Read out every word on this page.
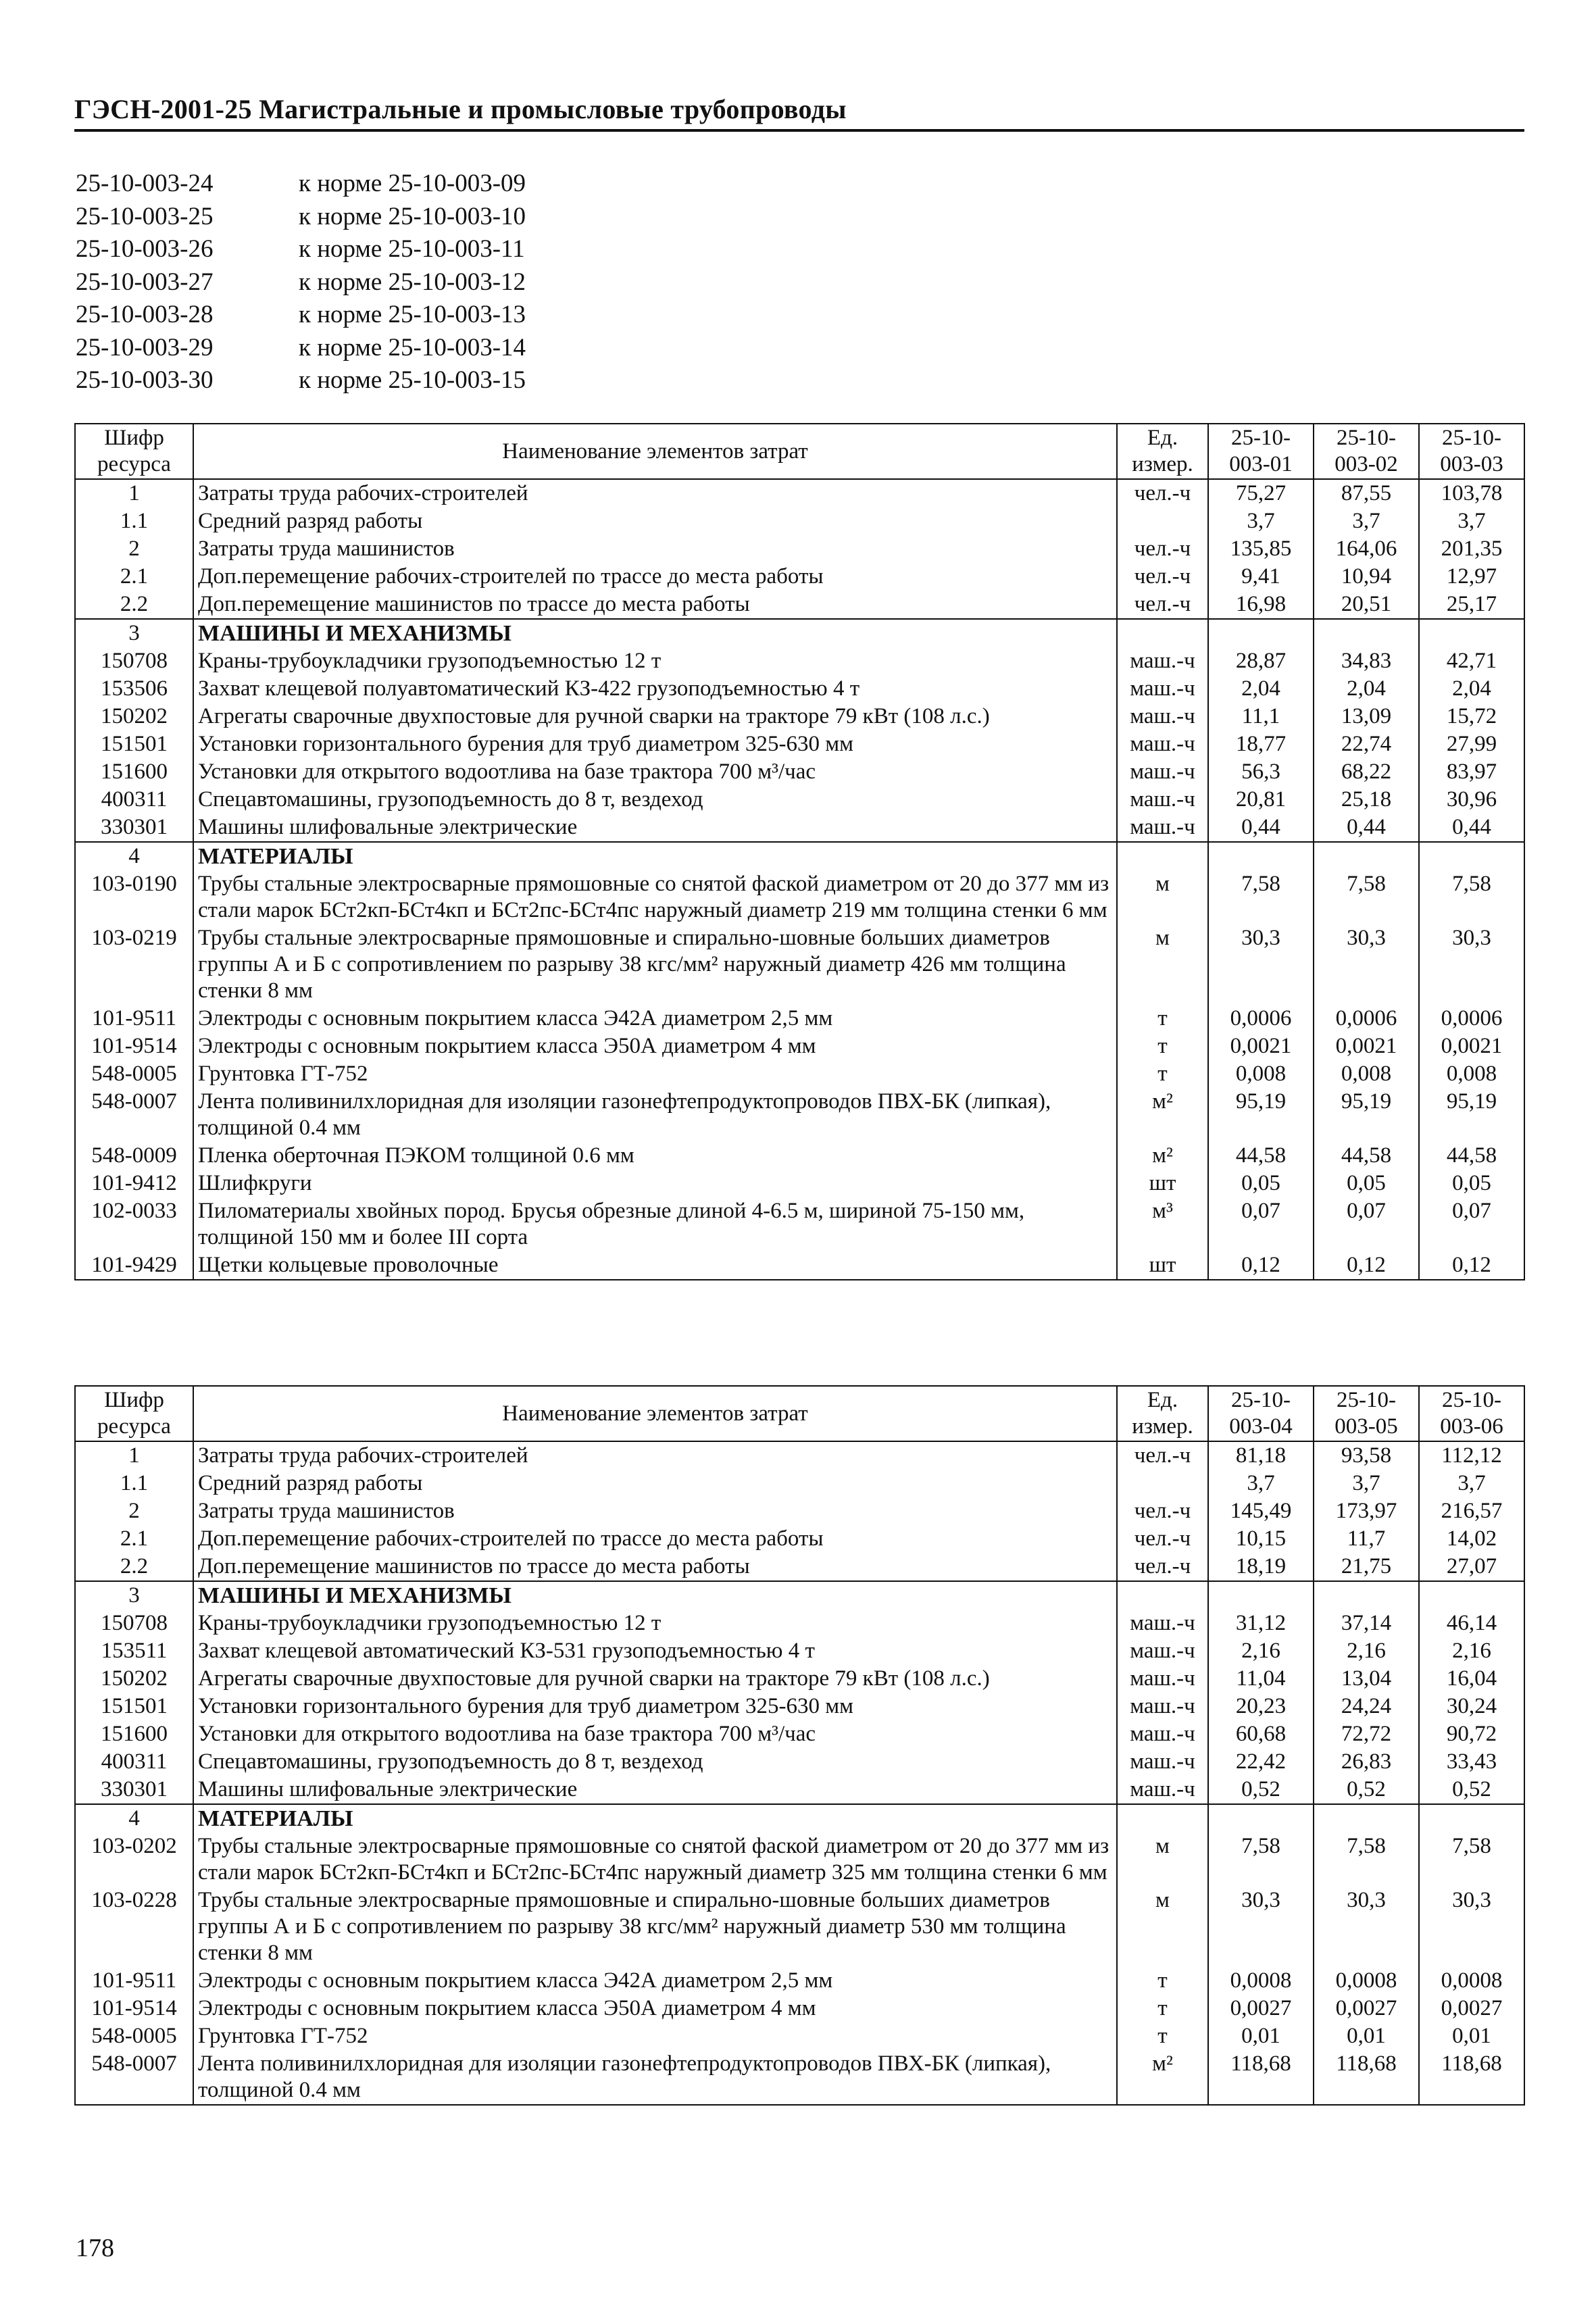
ГЭСН-2001-25 Магистральные и промысловые трубопроводы
25-10-003-24	к норме 25-10-003-09
25-10-003-25	к норме 25-10-003-10
25-10-003-26	к норме 25-10-003-11
25-10-003-27	к норме 25-10-003-12
25-10-003-28	к норме 25-10-003-13
25-10-003-29	к норме 25-10-003-14
25-10-003-30	к норме 25-10-003-15
Шифр ресурса	Наименование элементов затрат	Ед. измер.	25-10-003-01	25-10-003-02	25-10-003-03
1	Затраты труда рабочих-строителей	чел.-ч	75,27	87,55	103,78
1.1	Средний разряд работы		3,7	3,7	3,7
2	Затраты труда машинистов	чел.-ч	135,85	164,06	201,35
2.1	Доп.перемещение рабочих-строителей по трассе до места работы	чел.-ч	9,41	10,94	12,97
2.2	Доп.перемещение машинистов по трассе до места работы	чел.-ч	16,98	20,51	25,17
3	МАШИНЫ И МЕХАНИЗМЫ				
150708	Краны-трубоукладчики грузоподъемностью 12 т	маш.-ч	28,87	34,83	42,71
153506	Захват клещевой полуавтоматический КЗ-422 грузоподъемностью 4 т	маш.-ч	2,04	2,04	2,04
150202	Агрегаты сварочные двухпостовые для ручной сварки на тракторе 79 кВт (108 л.с.)	маш.-ч	11,1	13,09	15,72
151501	Установки горизонтального бурения для труб диаметром 325-630 мм	маш.-ч	18,77	22,74	27,99
151600	Установки для открытого водоотлива на базе трактора 700 м³/час	маш.-ч	56,3	68,22	83,97
400311	Спецавтомашины, грузоподъемность до 8 т, вездеход	маш.-ч	20,81	25,18	30,96
330301	Машины шлифовальные электрические	маш.-ч	0,44	0,44	0,44
4	МАТЕРИАЛЫ				
103-0190	Трубы стальные электросварные прямошовные со снятой фаской диаметром от 20 до 377 мм из стали марок БСт2кп-БСт4кп и БСт2пс-БСт4пс наружный диаметр 219 мм толщина стенки 6 мм	м	7,58	7,58	7,58
103-0219	Трубы стальные электросварные прямошовные и спирально-шовные больших диаметров группы А и Б с сопротивлением по разрыву 38 кгс/мм² наружный диаметр 426 мм толщина стенки 8 мм	м	30,3	30,3	30,3
101-9511	Электроды с основным покрытием класса Э42А диаметром 2,5 мм	т	0,0006	0,0006	0,0006
101-9514	Электроды с основным покрытием класса Э50А диаметром 4 мм	т	0,0021	0,0021	0,0021
548-0005	Грунтовка ГТ-752	т	0,008	0,008	0,008
548-0007	Лента поливинилхлоридная для изоляции газонефтепродуктопроводов ПВХ-БК (липкая), толщиной 0.4 мм	м²	95,19	95,19	95,19
548-0009	Пленка оберточная ПЭКОМ толщиной 0.6 мм	м²	44,58	44,58	44,58
101-9412	Шлифкруги	шт	0,05	0,05	0,05
102-0033	Пиломатериалы хвойных пород. Брусья обрезные длиной 4-6.5 м, шириной 75-150 мм, толщиной 150 мм и более III сорта	м³	0,07	0,07	0,07
101-9429	Щетки кольцевые проволочные	шт	0,12	0,12	0,12
Шифр ресурса	Наименование элементов затрат	Ед. измер.	25-10-003-04	25-10-003-05	25-10-003-06
1	Затраты труда рабочих-строителей	чел.-ч	81,18	93,58	112,12
1.1	Средний разряд работы		3,7	3,7	3,7
2	Затраты труда машинистов	чел.-ч	145,49	173,97	216,57
2.1	Доп.перемещение рабочих-строителей по трассе до места работы	чел.-ч	10,15	11,7	14,02
2.2	Доп.перемещение машинистов по трассе до места работы	чел.-ч	18,19	21,75	27,07
3	МАШИНЫ И МЕХАНИЗМЫ				
150708	Краны-трубоукладчики грузоподъемностью 12 т	маш.-ч	31,12	37,14	46,14
153511	Захват клещевой автоматический КЗ-531 грузоподъемностью 4 т	маш.-ч	2,16	2,16	2,16
150202	Агрегаты сварочные двухпостовые для ручной сварки на тракторе 79 кВт (108 л.с.)	маш.-ч	11,04	13,04	16,04
151501	Установки горизонтального бурения для труб диаметром 325-630 мм	маш.-ч	20,23	24,24	30,24
151600	Установки для открытого водоотлива на базе трактора 700 м³/час	маш.-ч	60,68	72,72	90,72
400311	Спецавтомашины, грузоподъемность до 8 т, вездеход	маш.-ч	22,42	26,83	33,43
330301	Машины шлифовальные электрические	маш.-ч	0,52	0,52	0,52
4	МАТЕРИАЛЫ				
103-0202	Трубы стальные электросварные прямошовные со снятой фаской диаметром от 20 до 377 мм из стали марок БСт2кп-БСт4кп и БСт2пс-БСт4пс наружный диаметр 325 мм толщина стенки 6 мм	м	7,58	7,58	7,58
103-0228	Трубы стальные электросварные прямошовные и спирально-шовные больших диаметров группы А и Б с сопротивлением по разрыву 38 кгс/мм² наружный диаметр 530 мм толщина стенки 8 мм	м	30,3	30,3	30,3
101-9511	Электроды с основным покрытием класса Э42А диаметром 2,5 мм	т	0,0008	0,0008	0,0008
101-9514	Электроды с основным покрытием класса Э50А диаметром 4 мм	т	0,0027	0,0027	0,0027
548-0005	Грунтовка ГТ-752	т	0,01	0,01	0,01
548-0007	Лента поливинилхлоридная для изоляции газонефтепродуктопроводов ПВХ-БК (липкая), толщиной 0.4 мм	м²	118,68	118,68	118,68
178
